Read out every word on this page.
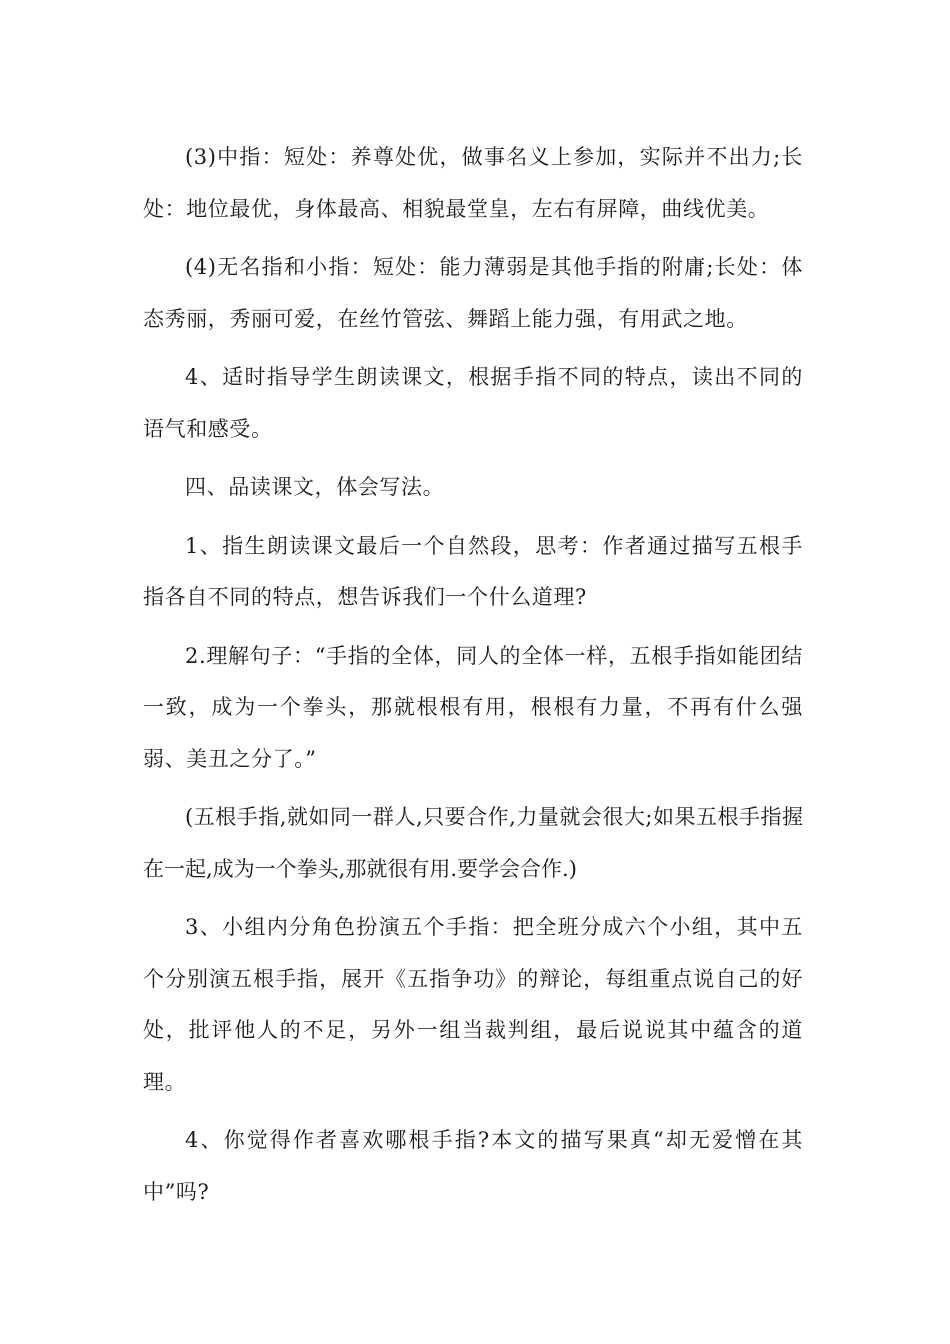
(3)中指：短处：养尊处优，做事名义上参加，实际并不出力;长处：地位最优，身体最高、相貌最堂皇，左右有屏障，曲线优美。

(4)无名指和小指：短处：能力薄弱是其他手指的附庸;长处：体态秀丽，秀丽可爱，在丝竹管弦、舞蹈上能力强，有用武之地。

4、适时指导学生朗读课文，根据手指不同的特点，读出不同的语气和感受。

四、品读课文，体会写法。

1、指生朗读课文最后一个自然段，思考：作者通过描写五根手指各自不同的特点，想告诉我们一个什么道理?

2.理解句子：“手指的全体，同人的全体一样，五根手指如能团结一致，成为一个拳头，那就根根有用，根根有力量，不再有什么强弱、美丑之分了。”

(五根手指,就如同一群人,只要合作,力量就会很大;如果五根手指握在一起,成为一个拳头,那就很有用.要学会合作.)

3、小组内分角色扮演五个手指：把全班分成六个小组，其中五个分别演五根手指，展开《五指争功》的辩论，每组重点说自己的好处，批评他人的不足，另外一组当裁判组，最后说说其中蕴含的道理。

4、你觉得作者喜欢哪根手指?本文的描写果真“却无爱憎在其中”吗?
